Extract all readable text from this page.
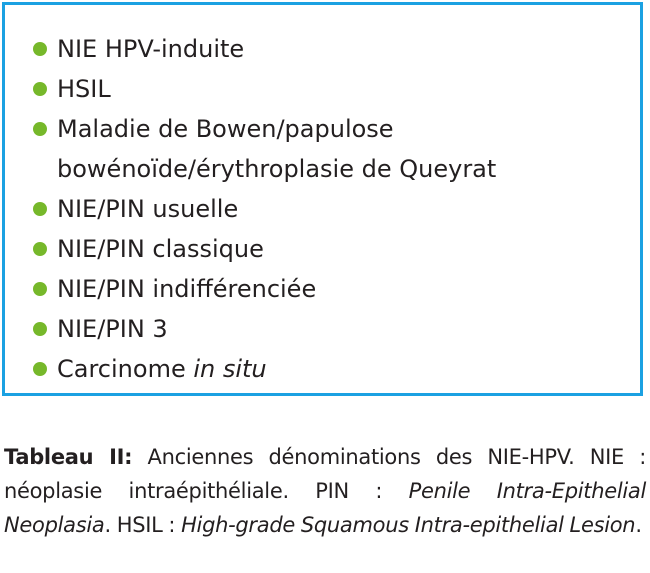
NIE HPV-induite
HSIL
Maladie de Bowen/papulose
bowénoïde/érythroplasie de Queyrat
NIE/PIN usuelle
NIE/PIN classique
NIE/PIN indifférenciée
NIE/PIN 3
Carcinome in situ

Tableau II: Anciennes dénominations des NIE-HPV. NIE : néoplasie intraépithéliale. PIN : Penile Intra-Epithelial Neoplasia. HSIL : High-grade Squamous Intra-epithelial Lesion.
